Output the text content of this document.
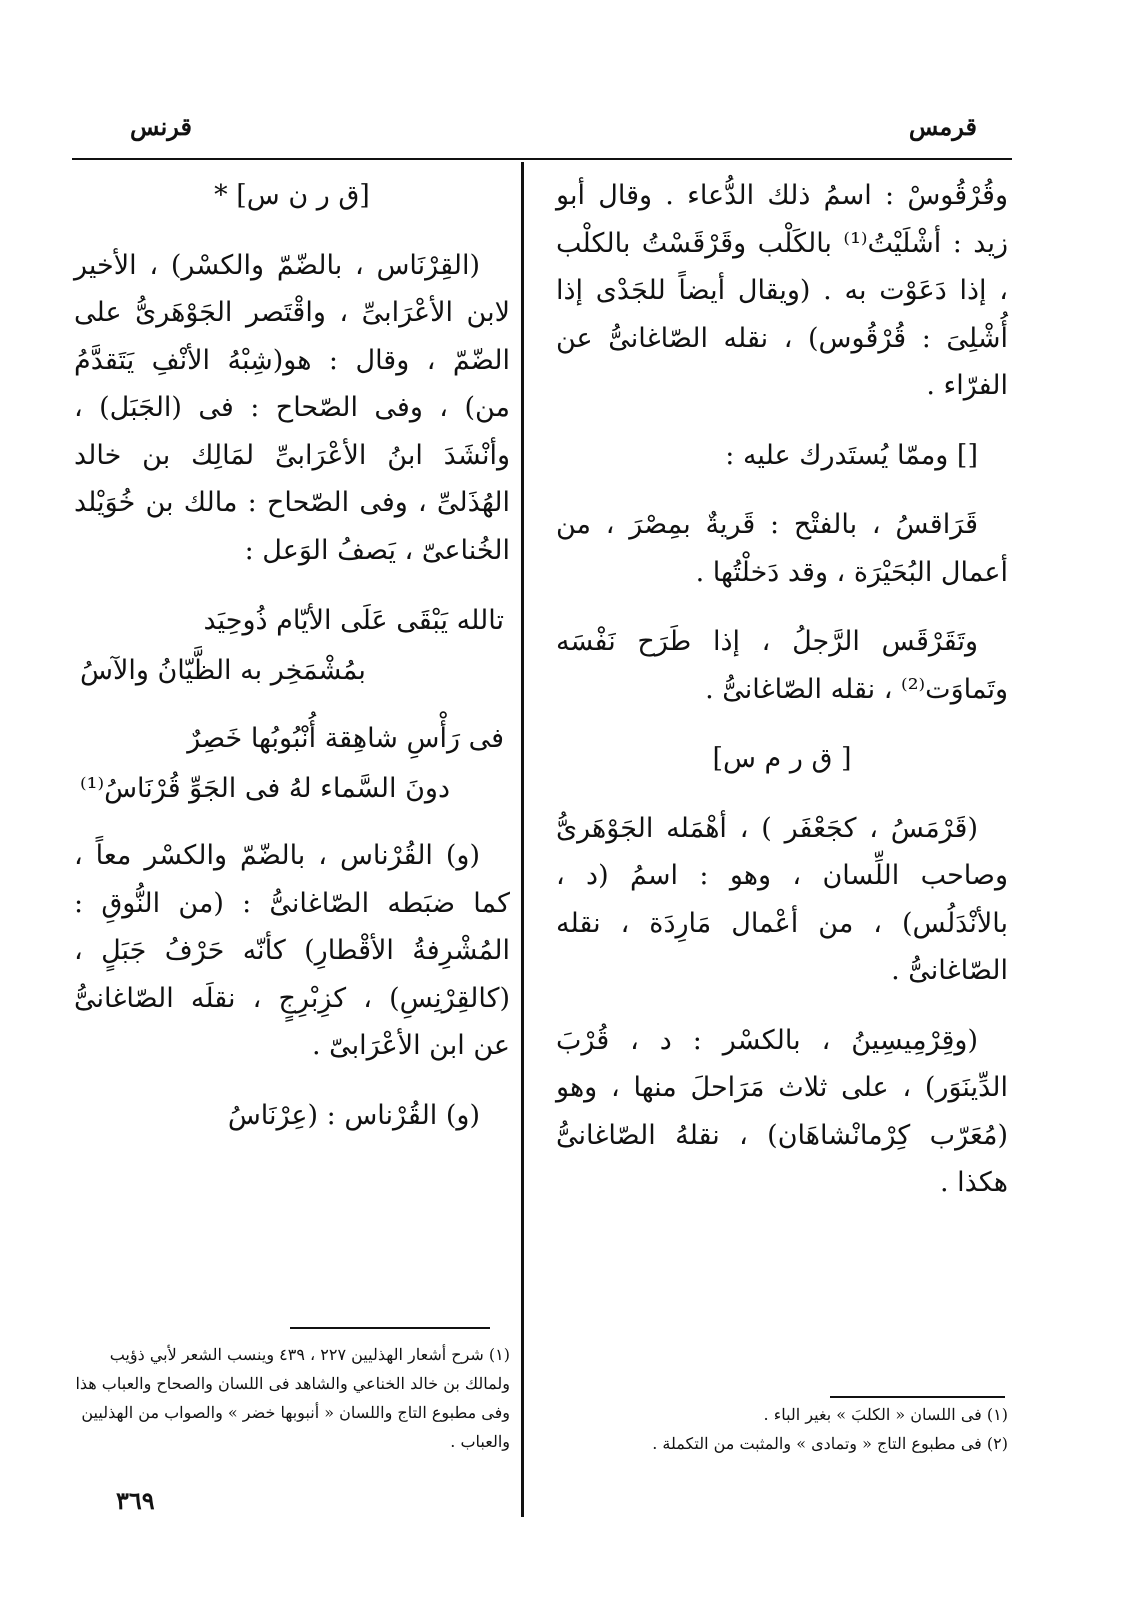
قرمس
قرنس

وقُرْقُوسْ : اسمُ ذلك الدُّعاء . وقال أبو زيد : أشْلَيْتُ⁽¹⁾ بالكَلْب وقَرْقَسْتُ بالكلْب ، إذا دَعَوْت به . (ويقال أيضاً للجَدْى إذا أُشْلِىَ : قُرْقُوس) ، نقله الصّاغانىُّ عن الفرّاء .

[] وممّا يُستَدرك عليه :

قَرَاقسُ ، بالفتْح : قَريةٌ بمِصْرَ ، من أعمال البُحَيْرَة ، وقد دَخلْتُها .

وتَقَرْقَس الرَّجلُ ، إذا طَرَح نَفْسَه وتَماوَت⁽²⁾ ، نقله الصّاغانىُّ .

[ ق ر م س]

(قَرْمَسُ ، كجَعْفَر ) ، أهْمَله الجَوْهَرىُّ وصاحب اللِّسان ، وهو : اسمُ (د ، بالأنْدَلُس) ، من أعْمال مَارِدَة ، نقله الصّاغانىُّ .

(وقِرْمِيسِينُ ، بالكسْر : د ، قُرْبَ الدِّينَوَر) ، على ثلاث مَرَاحلَ منها ، وهو (مُعَرّب كِرْمانْشاهَان) ، نقلهُ الصّاغانىُّ هكذا .

[ق ر ن س] *

(القِرْنَاس ، بالضّمّ والكسْر) ، الأخير لابن الأعْرَابىِّ ، واقْتَصر الجَوْهَرىُّ على الضّمّ ، وقال : هو(شِبْهُ الأنْفِ يَتَقدَّمُ من) ، وفى الصّحاح : فى (الجَبَل) ، وأنْشَدَ ابنُ الأعْرَابىِّ لمَالِك بن خالد الهُذَلىِّ ، وفى الصّحاح : مالك بن خُوَيْلد الخُناعىّ ، يَصفُ الوَعل :

تالله يَبْقَى عَلَى الأيّام ذُوحِيَد
بمُشْمَخِر به الظَّيّانُ والآسُ
فى رَأْسِ شاهِقة أُنْبُوبُها خَصِرٌ
دونَ السَّماء لهُ فى الجَوِّ قُرْنَاسُ⁽¹⁾

(و) القُرْناس ، بالضّمّ والكسْر معاً ، كما ضبَطه الصّاغانىُّ : (من النُّوقِ : المُشْرِفةُ الأقْطارِ) كأنّه حَرْفُ جَبَلٍ ، (كالقِرْنِسِ) ، كزِبْرِجٍ ، نقلَه الصّاغانىُّ عن ابن الأعْرَابىّ .

(و) القُرْناس : (عِرْنَاسُ

(١) فى اللسان « الكلبَ » بغير الباء .

(٢) فى مطبوع التاج « وتمادى » والمثبت من التكملة .

(١) شرح أشعار الهذليين ٢٢٧ ، ٤٣٩ وينسب الشعر لأبي ذؤيب ولمالك بن خالد الخناعي والشاهد فى اللسان والصحاح والعباب هذا وفى مطبوع التاج واللسان « أنبوبها خضر » والصواب من الهذليين والعباب .

٣٦٩
